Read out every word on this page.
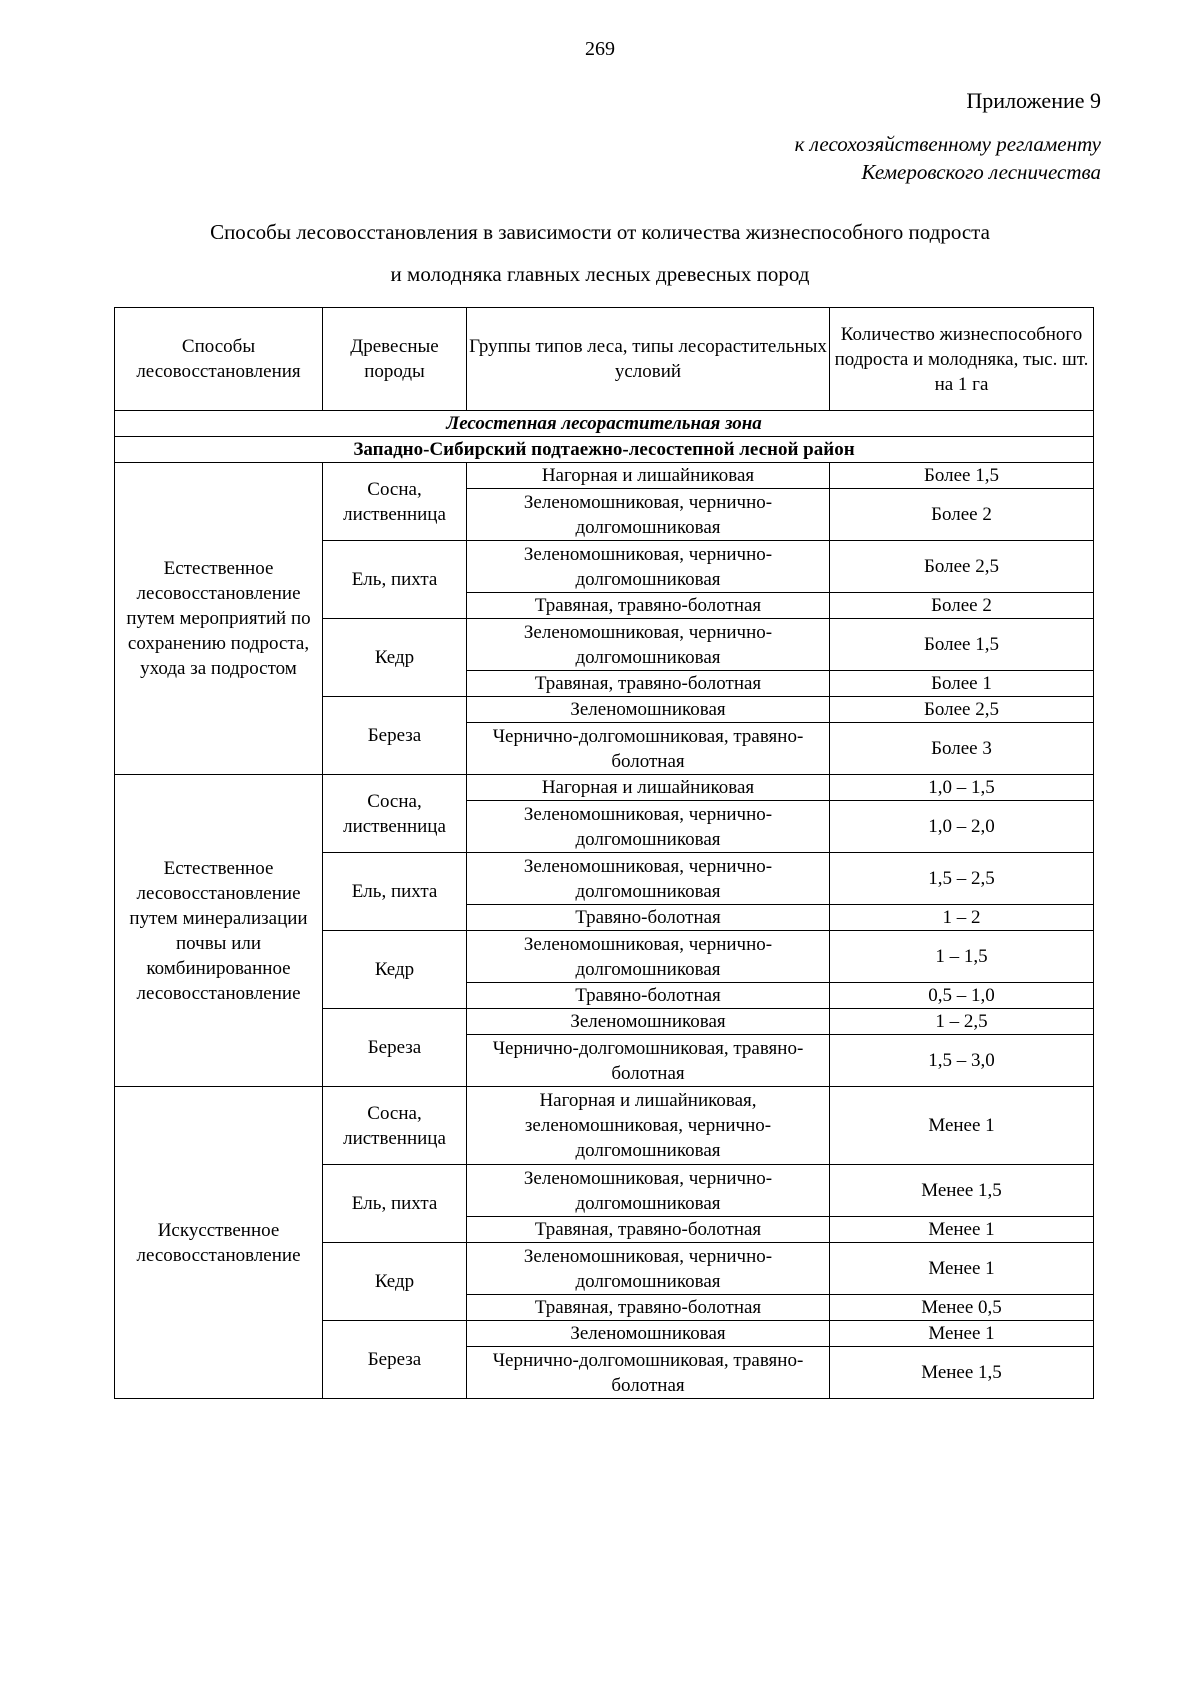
269
Приложение 9
к лесохозяйственному регламенту
Кемеровского лесничества
Способы лесовосстановления в зависимости от количества жизнеспособного подроста
и молодняка главных лесных древесных пород
Способы лесовосстановления	Древесные породы	Группы типов леса, типы лесорастительных условий	Количество жизнеспособного подроста и молодняка, тыс. шт. на 1 га
Лесостепная лесорастительная зона			
Западно-Сибирский подтаежно-лесостепной лесной район			
Естественное лесовосстановление путем мероприятий по сохранению подроста, ухода за подростом	Сосна, лиственница	Нагорная и лишайниковая	Более 1,5
		Зеленомошниковая, чернично-долгомошниковая	Более 2
	Ель, пихта	Зеленомошниковая, чернично-долгомошниковая	Более 2,5
		Травяная, травяно-болотная	Более 2
	Кедр	Зеленомошниковая, чернично-долгомошниковая	Более 1,5
		Травяная, травяно-болотная	Более 1
	Береза	Зеленомошниковая	Более 2,5
		Чернично-долгомошниковая, травяно-болотная	Более 3
Естественное лесовосстановление путем минерализации почвы или комбинированное лесовосстановление	Сосна, лиственница	Нагорная и лишайниковая	1,0 – 1,5
		Зеленомошниковая, чернично-долгомошниковая	1,0 – 2,0
	Ель, пихта	Зеленомошниковая, чернично-долгомошниковая	1,5 – 2,5
		Травяно-болотная	1 – 2
	Кедр	Зеленомошниковая, чернично-долгомошниковая	1 – 1,5
		Травяно-болотная	0,5 – 1,0
	Береза	Зеленомошниковая	1 – 2,5
		Чернично-долгомошниковая, травяно-болотная	1,5 – 3,0
Искусственное лесовосстановление	Сосна, лиственница	Нагорная и лишайниковая, зеленомошниковая, чернично-долгомошниковая	Менее 1
	Ель, пихта	Зеленомошниковая, чернично-долгомошниковая	Менее 1,5
		Травяная, травяно-болотная	Менее 1
	Кедр	Зеленомошниковая, чернично-долгомошниковая	Менее 1
		Травяная, травяно-болотная	Менее 0,5
	Береза	Зеленомошниковая	Менее 1
		Чернично-долгомошниковая, травяно-болотная	Менее 1,5
